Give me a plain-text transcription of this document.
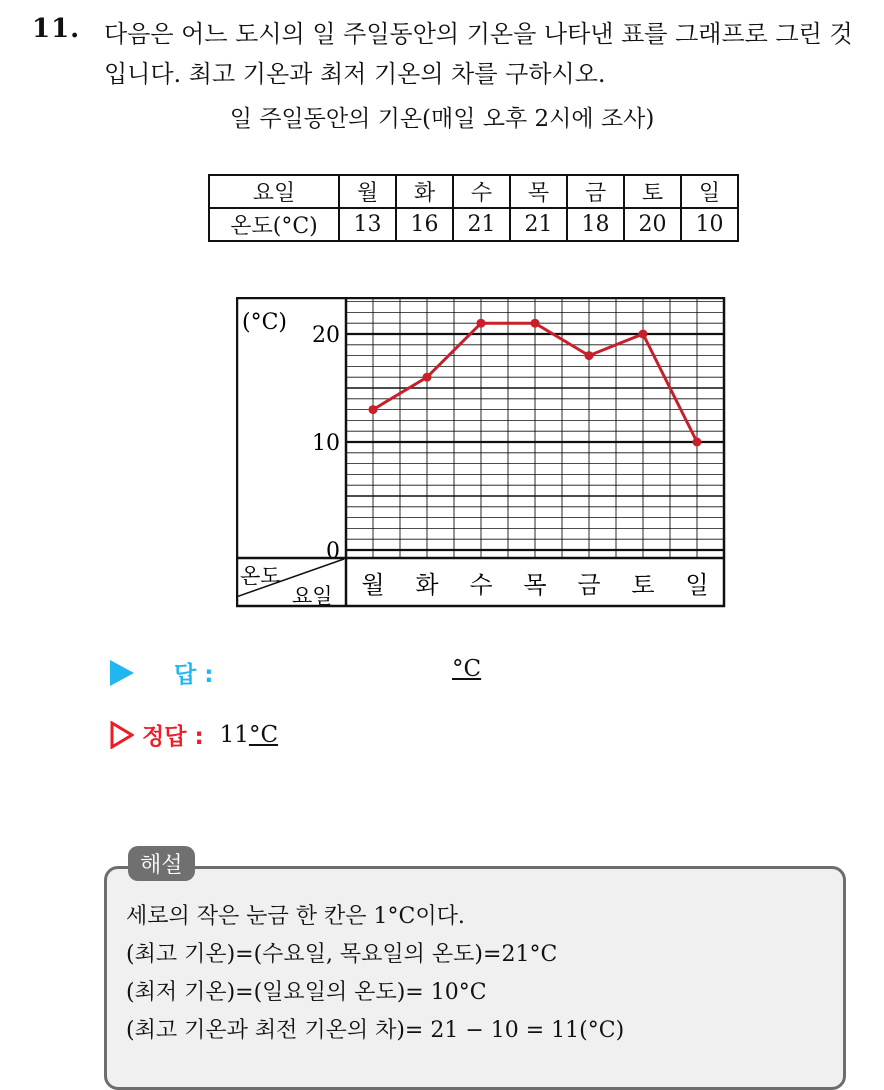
11. 다음은 어느 도시의 일 주일동안의 기온을 나타낸 표를 그래프로 그린 것 입니다. 최고 기온과 최저 기온의 차를 구하시오.
일 주일동안의 기온(매일 오후 2시에 조사)
요일	월	화	수	목	금	토	일
온도(°C)	13	16	21	21	18	20	10
(°C)
0
10
20
월 화 수 목 금 토 일
온도
요일
답 :	°C
정답 : 11°C
해설
세로의 작은 눈금 한 칸은 1°C이다.
(최고 기온)=(수요일, 목요일의 온도)=21°C
(최저 기온)=(일요일의 온도)= 10°C
(최고 기온과 최전 기온의 차)= 21 − 10 = 11(°C)
